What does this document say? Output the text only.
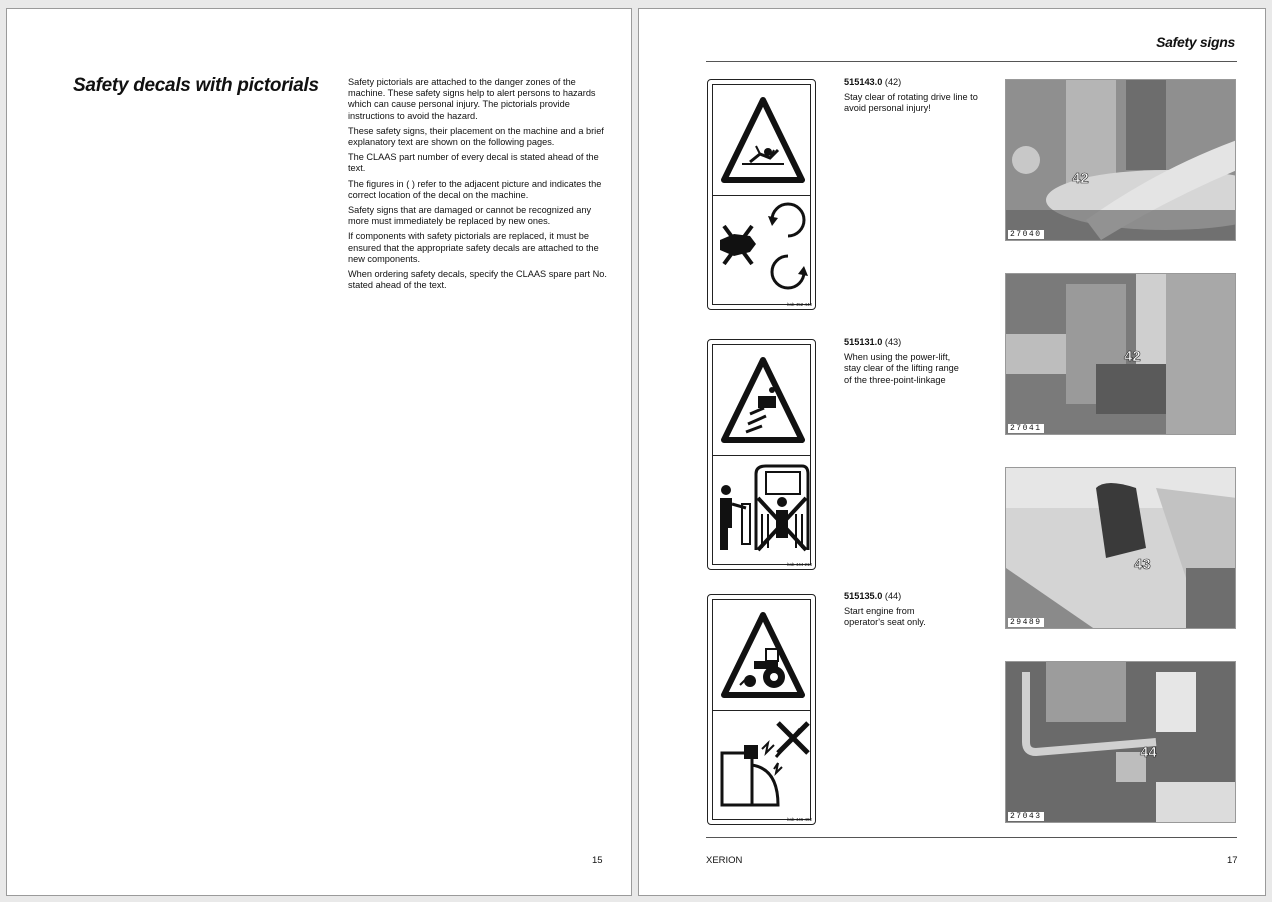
Safety decals with pictorials	Safety pictorials are attached to the danger zones of the machine. These safety signs help to alert persons to hazards which can cause personal injury. The pictorials provide instructions to avoid the hazard.

These safety signs, their placement on the machine and a brief explanatory text are shown on the following pages.

The CLAAS part number of every decal is stated ahead of the text.

The figures in ( ) refer to the adjacent picture and indicates the correct location of the decal on the machine.

Safety signs that are damaged or cannot be recognized any more must immediately be replaced by new ones.

If components with safety pictorials are replaced, it must be ensured that the appropriate safety decals are attached to the new components.

When ordering safety decals, specify the CLAAS spare part No. stated ahead of the text.

15
Safety signs
bsb 452 440
515143.0 (42)

Stay clear of rotating drive line to avoid personal injury!

bsb 444 218
515131.0 (43)

When using the power-lift, stay clear of the lifting range of the three-point-linkage

bsb 446 492
515135.0 (44)

Start engine from operator's seat only.

42
27040
42
27041
43
29489
44
27043
XERION	17
